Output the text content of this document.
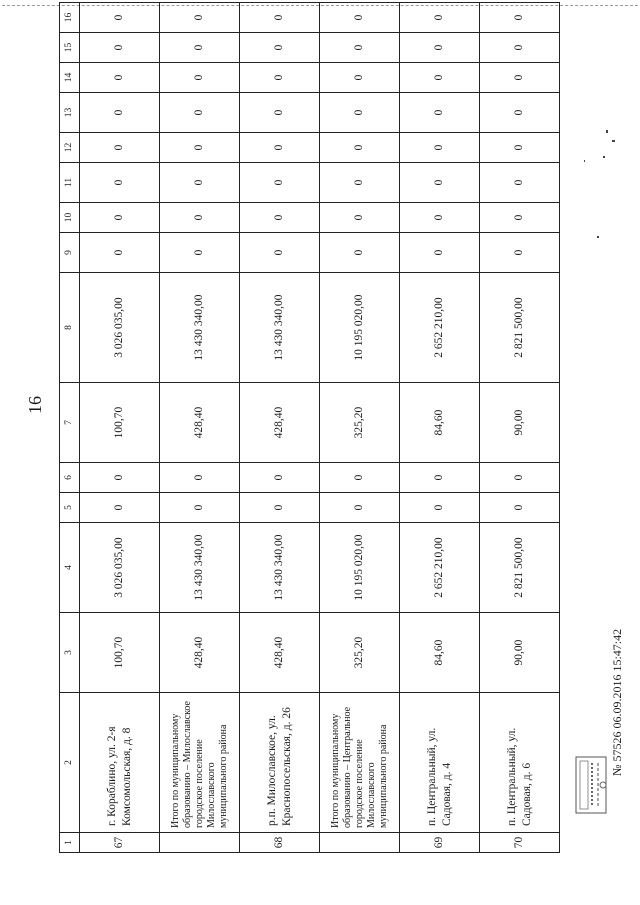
16
1	2	3	4	5	6	7	8	9	10	11	12	13	14	15	16
67	г. Кораблино, ул. 2-я Комсомольская, д. 8	100,70	3 026 035,00	0	0	100,70	3 026 035,00	0	0	0	0	0	0	0	0
	Итого по муниципальному образованию – Милославское городское поселение Милославского муниципального района	428,40	13 430 340,00	0	0	428,40	13 430 340,00	0	0	0	0	0	0	0	0
68	р.п. Милославское, ул. Краснопосельская, д. 26	428,40	13 430 340,00	0	0	428,40	13 430 340,00	0	0	0	0	0	0	0	0
	Итого по муниципальному образованию – Центральное городское поселение Милославского муниципального района	325,20	10 195 020,00	0	0	325,20	10 195 020,00	0	0	0	0	0	0	0	0
69	п. Центральный, ул. Садовая, д. 4	84,60	2 652 210,00	0	0	84,60	2 652 210,00	0	0	0	0	0	0	0	0
70	п. Центральный, ул. Садовая, д. 6	90,00	2 821 500,00	0	0	90,00	2 821 500,00	0	0	0	0	0	0	0	0
№ 57526 06.09.2016 15:47:42
